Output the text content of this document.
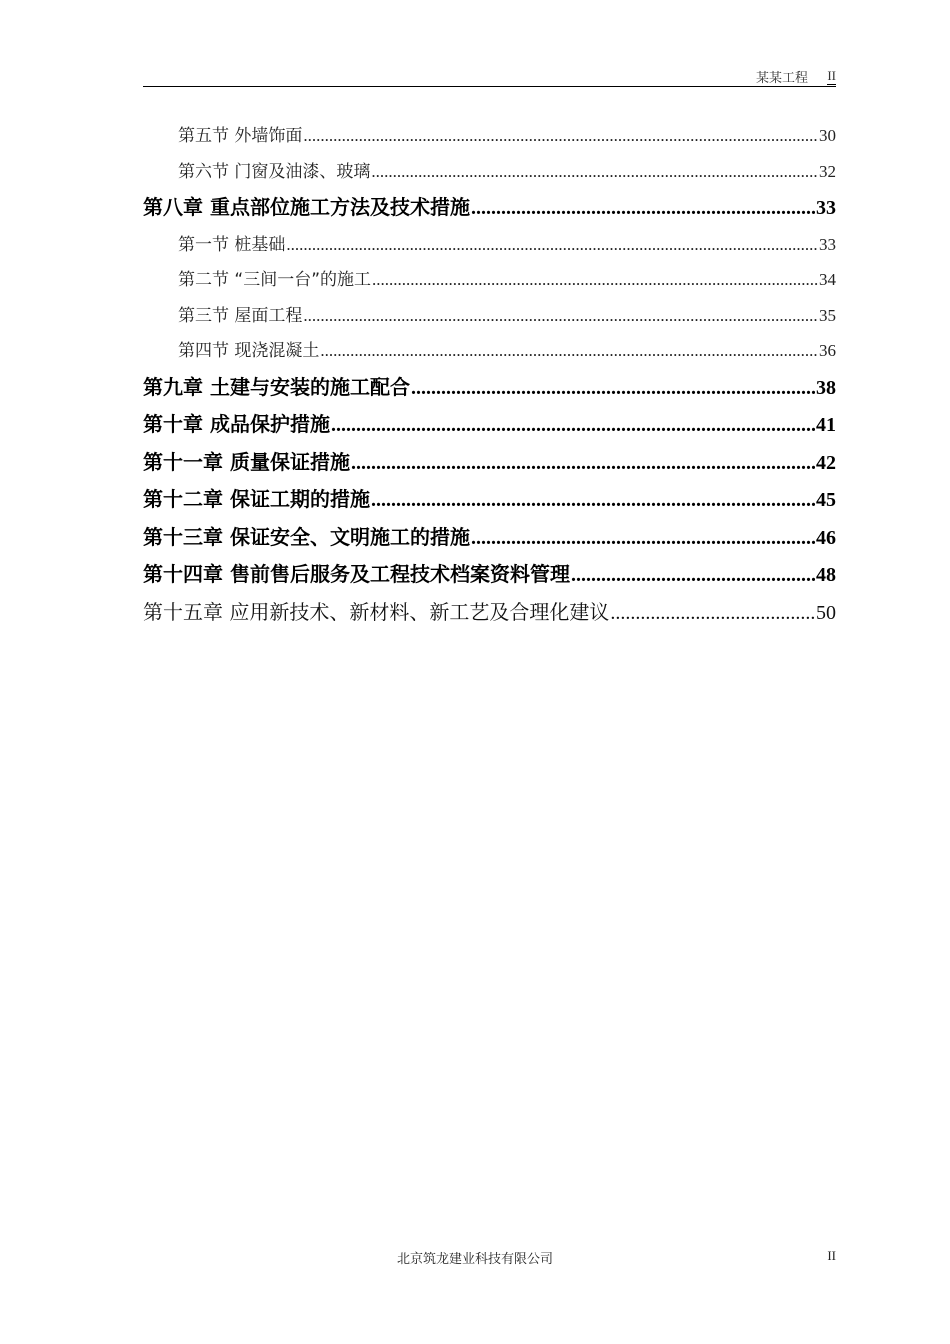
某某工程 II
第五节 外墙饰面 .....	30
第六节 门窗及油漆、玻璃 .....	32
第八章 重点部位施工方法及技术措施 .....	33
第一节 桩基础 .....	33
第二节 “三间一台”的施工 .....	34
第三节 屋面工程 .....	35
第四节 现浇混凝土 .....	36
第九章 土建与安装的施工配合 .....	38
第十章 成品保护措施 .....	41
第十一章 质量保证措施 .....	42
第十二章 保证工期的措施 .....	45
第十三章 保证安全、文明施工的措施 .....	46
第十四章 售前售后服务及工程技术档案资料管理 .....	48
第十五章 应用新技术、新材料、新工艺及合理化建议 .....	50
北京筑龙建业科技有限公司	II
